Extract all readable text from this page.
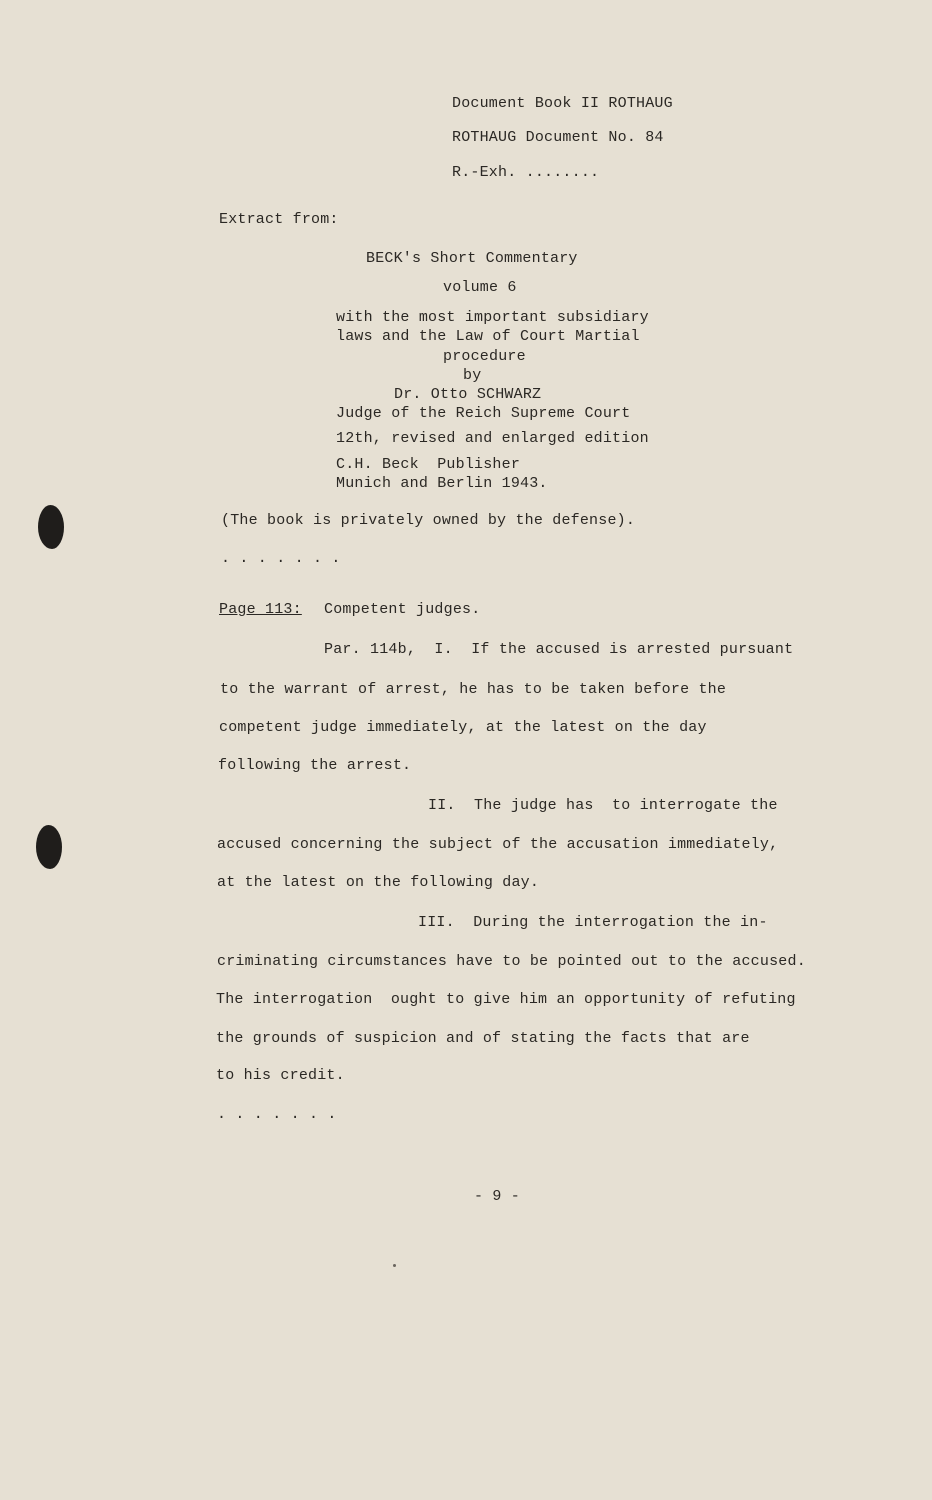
Document Book II ROTHAUG
ROTHAUG Document No. 84
R.-Exh. ........
Extract from:
BECK's Short Commentary
volume 6
with the most important subsidiary
laws and the Law of Court Martial
procedure
by
Dr. Otto SCHWARZ
Judge of the Reich Supreme Court
12th, revised and enlarged edition
C.H. Beck  Publisher
Munich and Berlin 1943.
(The book is privately owned by the defense).
. . . . . . .
Page 113: Competent judges.
Par. 114b,  I.  If the accused is arrested pursuant
to the warrant of arrest, he has to be taken before the
competent judge immediately, at the latest on the day
following the arrest.
II.  The judge has  to interrogate the
accused concerning the subject of the accusation immediately,
at the latest on the following day.
III.  During the interrogation the in-
criminating circumstances have to be pointed out to the accused.
The interrogation  ought to give him an opportunity of refuting
the grounds of suspicion and of stating the facts that are
to his credit.
. . . . . . .
- 9 -
